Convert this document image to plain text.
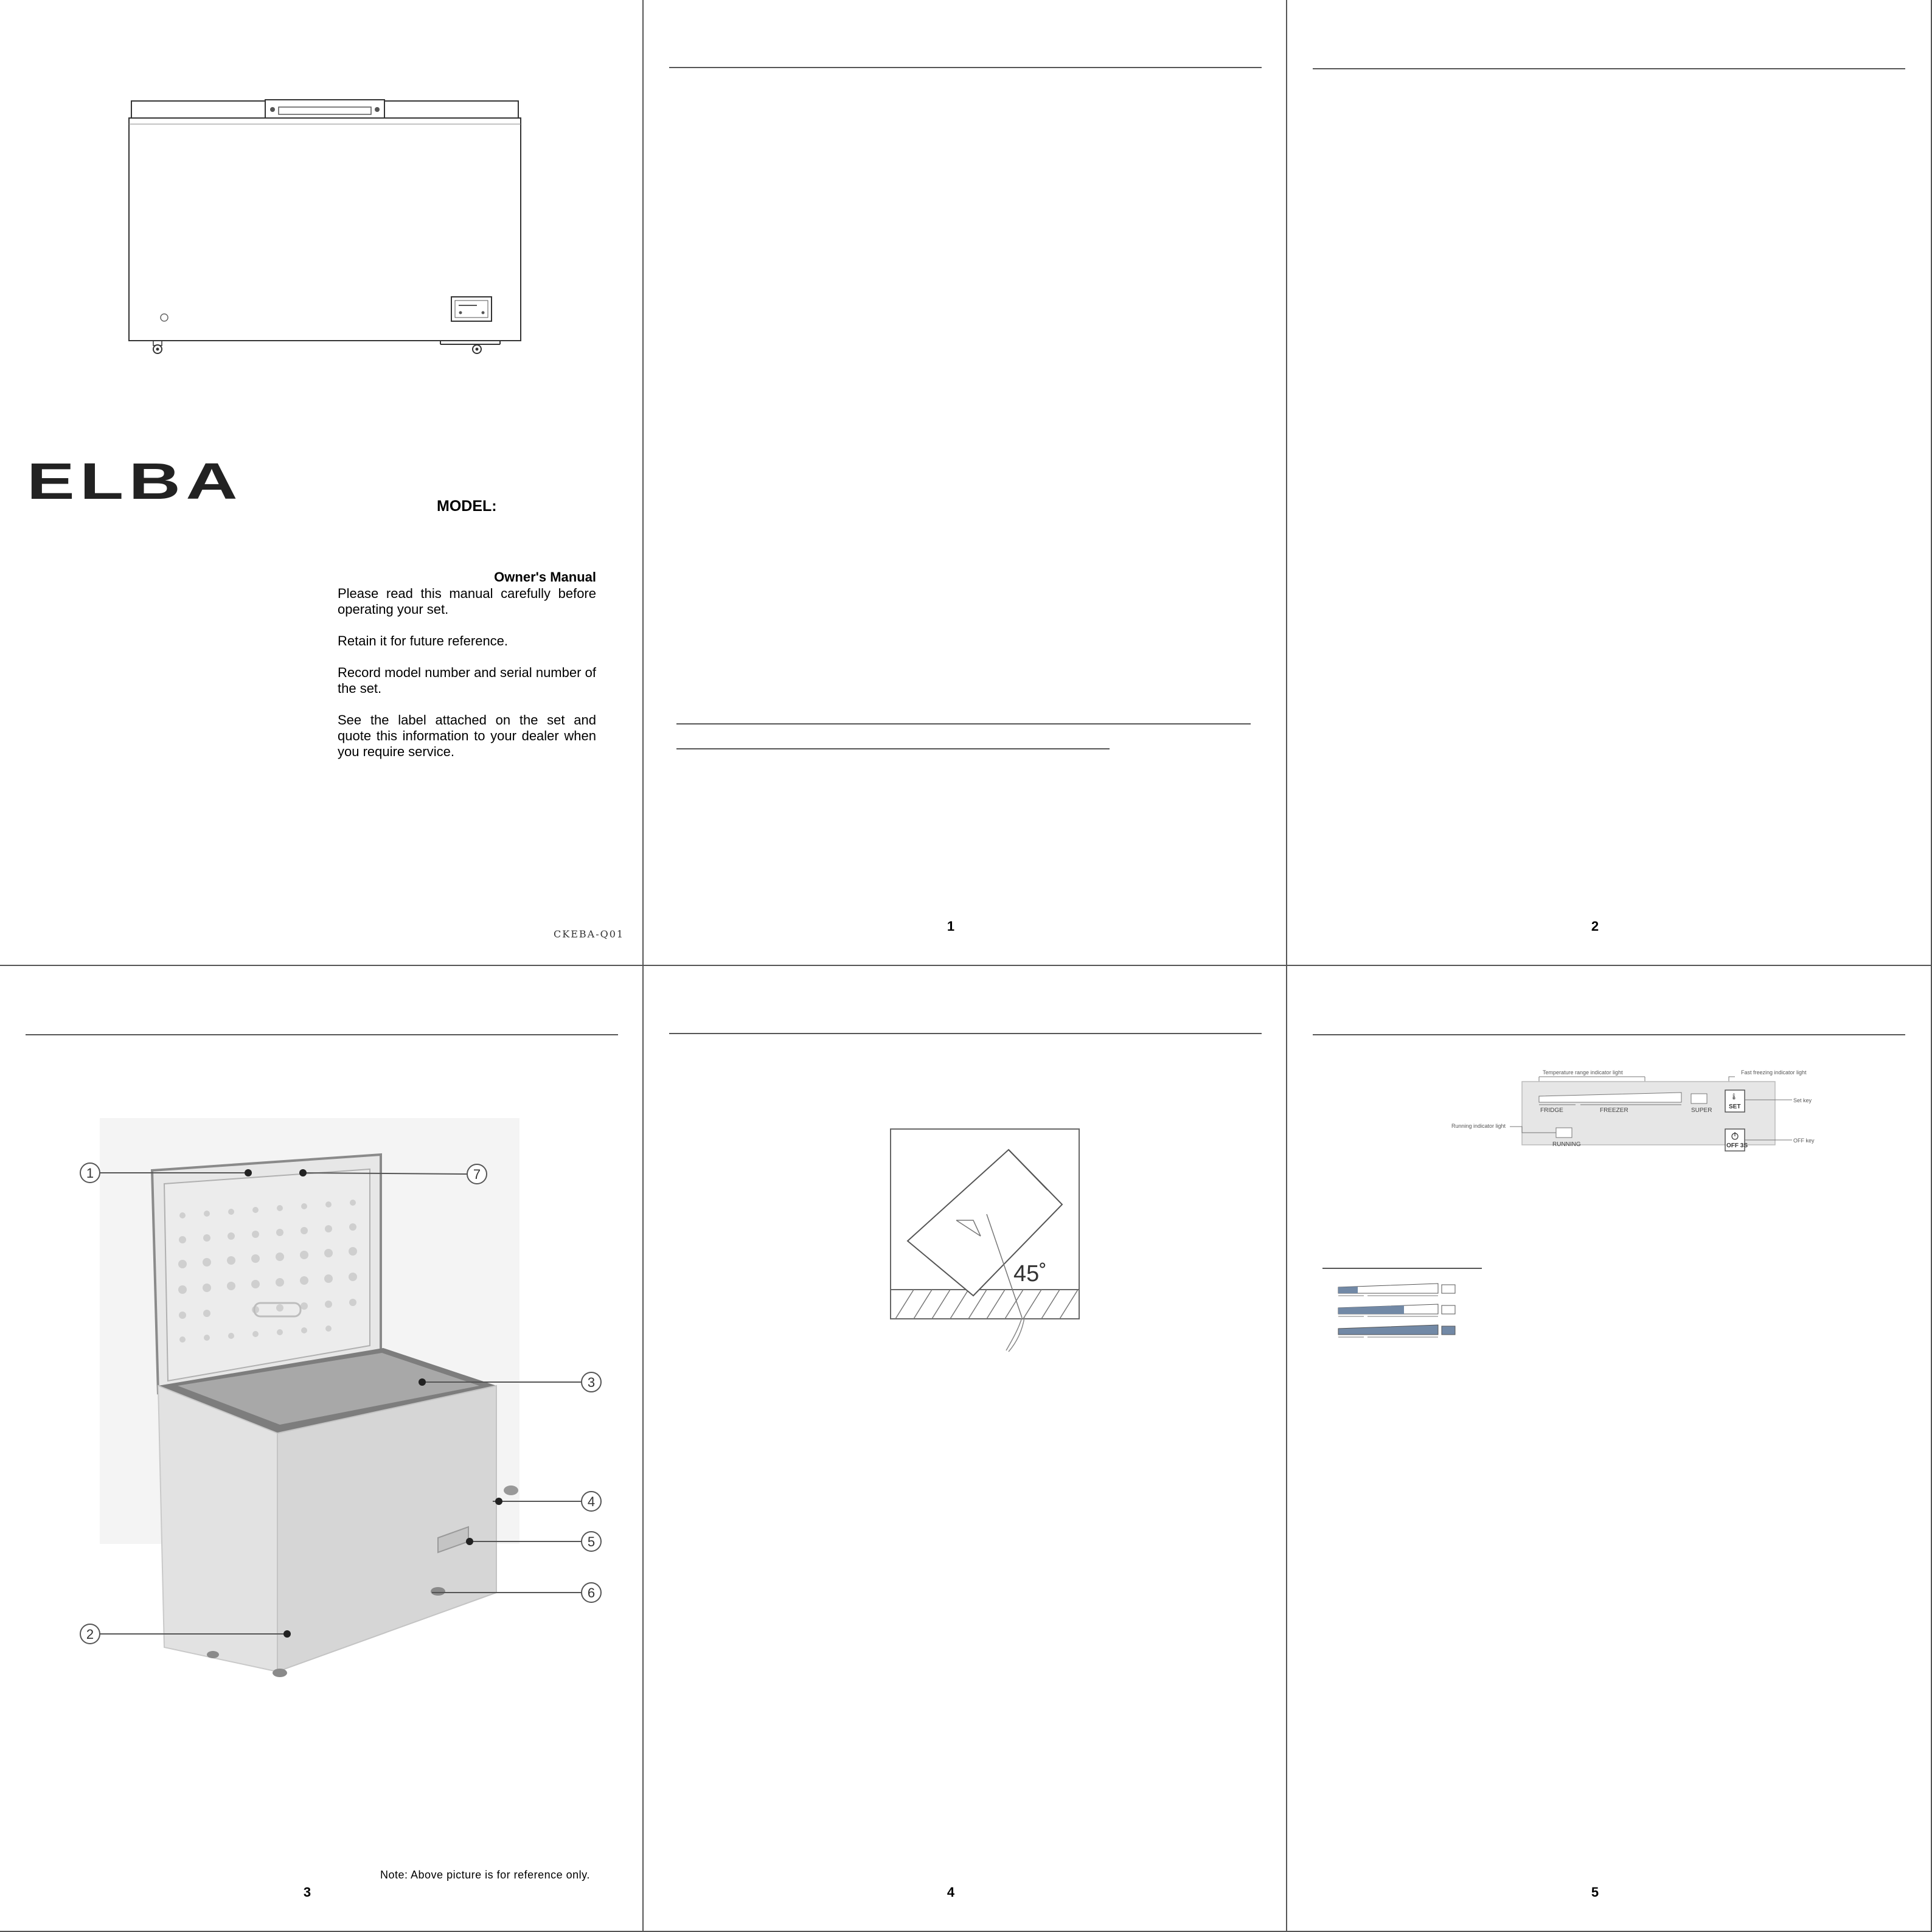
ELBA	MODEL:
Owner's Manual

Please read this manual carefully before operating your set.

Retain it for future reference.

Record model number and serial number of the set.

See the label attached on the set and quote this information to your dealer when you require service.

CKEBA-Q01
1	2
1	7
3
4
5
6
2
Note: Above picture is for reference only.
3
45˚
4
Temperature range indicator light	Fast freezing indicator light
FRIDGE	FREEZER	SUPER
🌡
SET
Set key
RUNNING
Running indicator light
OFF 3S
OFF key
5
